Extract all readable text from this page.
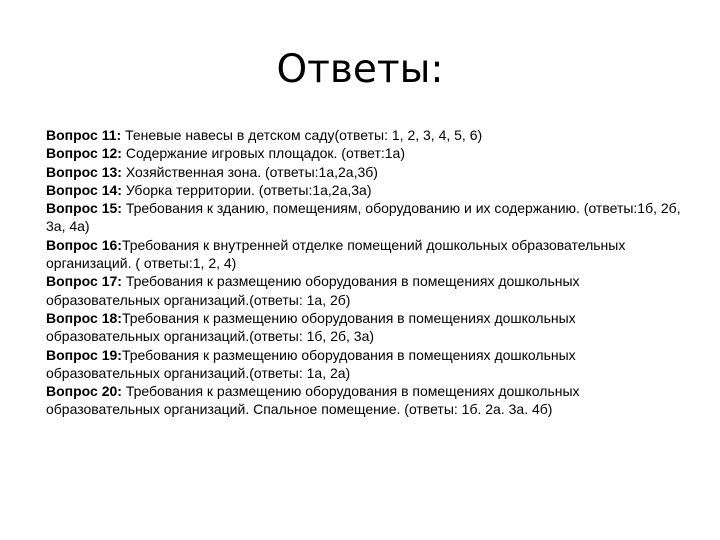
Ответы:

Вопрос 11: Теневые навесы в детском саду(ответы: 1, 2, 3, 4, 5, 6)

Вопрос 12: Содержание игровых площадок. (ответ:1а)

Вопрос 13: Хозяйственная зона. (ответы:1а,2а,3б)

Вопрос 14: Уборка территории. (ответы:1а,2а,3а)

Вопрос 15: Требования к зданию, помещениям, оборудованию и их содержанию. (ответы:1б, 2б, 3а, 4а)

Вопрос 16:Требования к внутренней отделке помещений дошкольных образовательных организаций. ( ответы:1, 2, 4)

Вопрос 17: Требования к размещению оборудования в помещениях дошкольных образовательных организаций.(ответы: 1а, 2б)

Вопрос 18:Требования к размещению оборудования в помещениях дошкольных образовательных организаций.(ответы: 1б, 2б, 3а)

Вопрос 19:Требования к размещению оборудования в помещениях дошкольных образовательных организаций.(ответы: 1а, 2а)

Вопрос 20: Требования к размещению оборудования в помещениях дошкольных образовательных организаций. Спальное помещение. (ответы: 1б. 2а. 3а. 4б)
